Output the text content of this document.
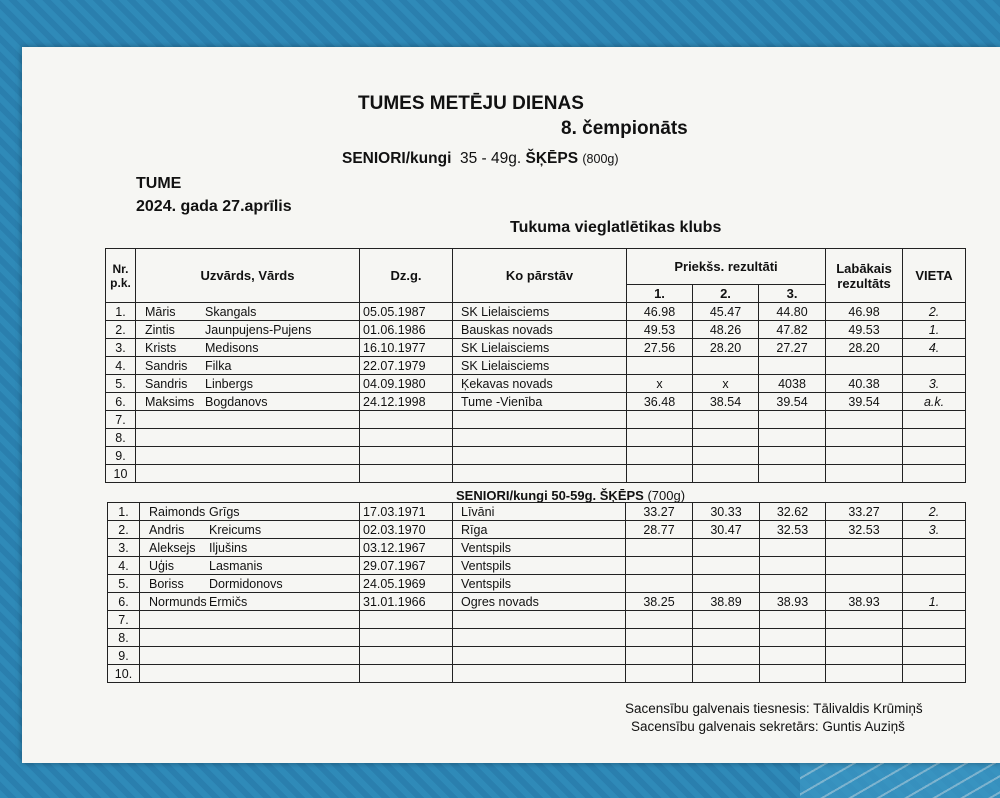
TUMES METĒJU DIENAS
8. čempionāts
SENIORI/kungi 35 - 49g. ŠĶĒPS (800g)
TUME
2024. gada 27.aprīlis
Tukuma vieglatlētikas klubs
Nr. p.k.	Uzvārds, Vārds	Dz.g.	Ko pārstāv	Priekšs. rezultāti			Labākais rezultāts	VIETA
				1.	2.	3.		
1.	Māris Skangals	05.05.1987	SK Lielaisciems	46.98	45.47	44.80	46.98	2.
2.	Zintis Jaunpujens-Pujens	01.06.1986	Bauskas novads	49.53	48.26	47.82	49.53	1.
3.	Krists Medisons	16.10.1977	SK Lielaisciems	27.56	28.20	27.27	28.20	4.
4.	Sandris Filka	22.07.1979	SK Lielaisciems					
5.	Sandris Linbergs	04.09.1980	Ķekavas novads	x	x	4038	40.38	3.
6.	Maksims Bogdanovs	24.12.1998	Tume -Vienība	36.48	38.54	39.54	39.54	a.k.
7.								
8.								
9.								
10								
SENIORI/kungi 50-59g. ŠĶĒPS (700g)
1.	Raimonds Grīgs	17.03.1971	Līvāni	33.27	30.33	32.62	33.27	2.
2.	Andris Kreicums	02.03.1970	Rīga	28.77	30.47	32.53	32.53	3.
3.	Aleksejs Iljušins	03.12.1967	Ventspils					
4.	Uģis Lasmanis	29.07.1967	Ventspils					
5.	Boriss Dormidonovs	24.05.1969	Ventspils					
6.	Normunds Ermičs	31.01.1966	Ogres novads	38.25	38.89	38.93	38.93	1.
7.								
8.								
9.								
10.								
Sacensību galvenais tiesnesis: Tālivaldis Krūmiņš
Sacensību galvenais sekretārs: Guntis Auziņš
